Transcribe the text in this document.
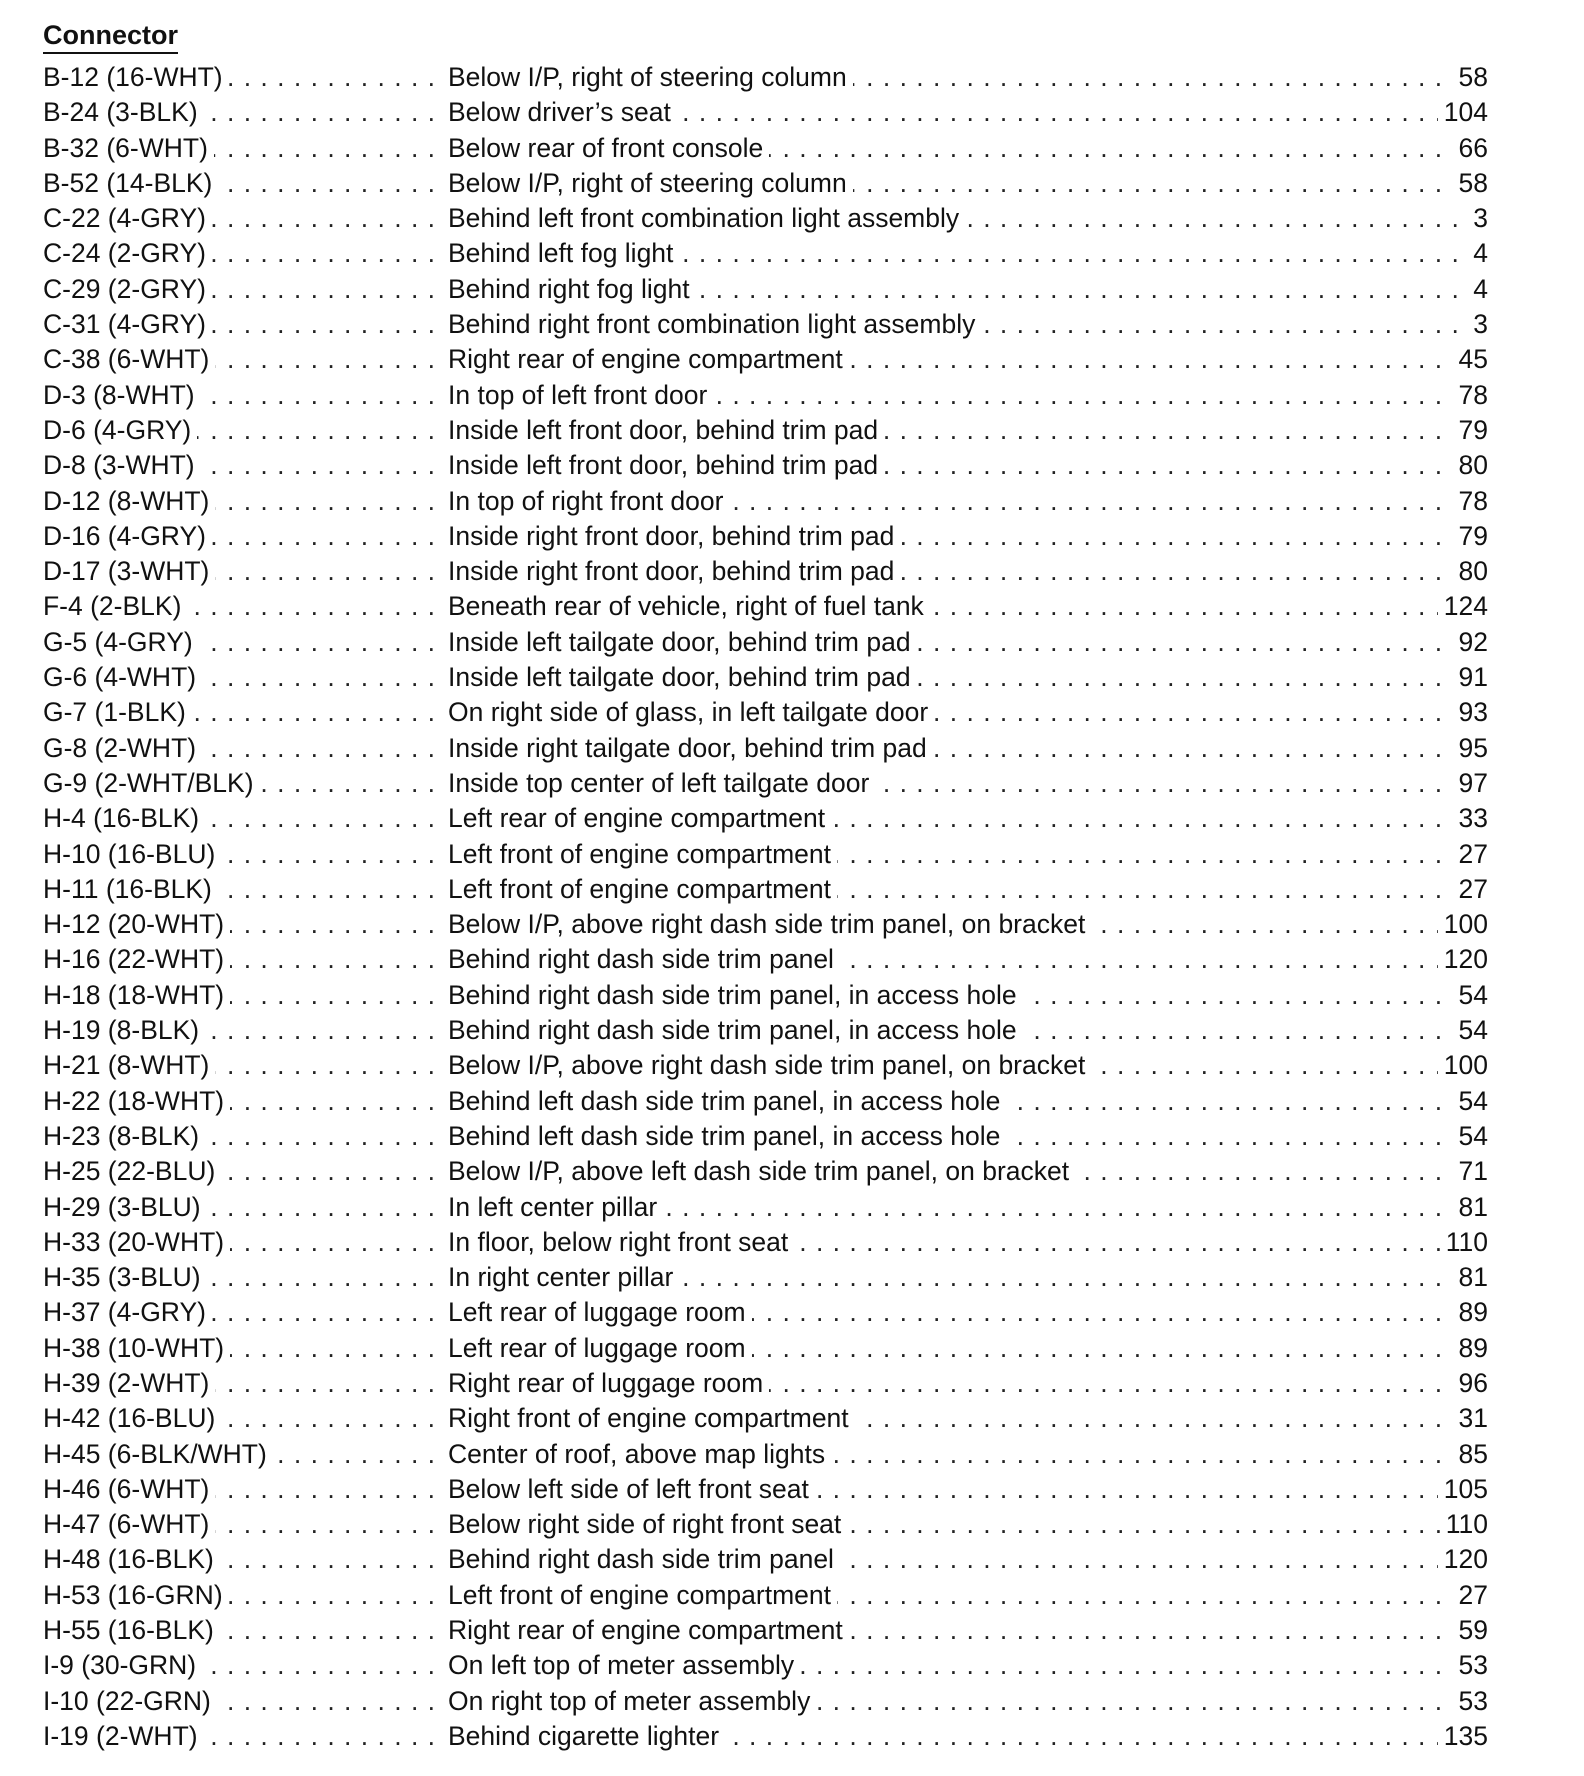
Connector
B-12 (16-WHT) . . .	Below I/P, right of steering column . . .	58
B-24 (3-BLK) . . .	Below driver’s seat . . .	104
B-32 (6-WHT) . . .	Below rear of front console . . .	66
B-52 (14-BLK) . . .	Below I/P, right of steering column . . .	58
C-22 (4-GRY) . . .	Behind left front combination light assembly . . .	3
C-24 (2-GRY) . . .	Behind left fog light . . .	4
C-29 (2-GRY) . . .	Behind right fog light . . .	4
C-31 (4-GRY) . . .	Behind right front combination light assembly . . .	3
C-38 (6-WHT) . . .	Right rear of engine compartment . . .	45
D-3 (8-WHT) . . .	In top of left front door . . .	78
D-6 (4-GRY) . . .	Inside left front door, behind trim pad . . .	79
D-8 (3-WHT) . . .	Inside left front door, behind trim pad . . .	80
D-12 (8-WHT) . . .	In top of right front door . . .	78
D-16 (4-GRY) . . .	Inside right front door, behind trim pad . . .	79
D-17 (3-WHT) . . .	Inside right front door, behind trim pad . . .	80
F-4 (2-BLK) . . .	Beneath rear of vehicle, right of fuel tank . . .	124
G-5 (4-GRY) . . .	Inside left tailgate door, behind trim pad . . .	92
G-6 (4-WHT) . . .	Inside left tailgate door, behind trim pad . . .	91
G-7 (1-BLK) . . .	On right side of glass, in left tailgate door . . .	93
G-8 (2-WHT) . . .	Inside right tailgate door, behind trim pad . . .	95
G-9 (2-WHT/BLK) . . .	Inside top center of left tailgate door . . .	97
H-4 (16-BLK) . . .	Left rear of engine compartment . . .	33
H-10 (16-BLU) . . .	Left front of engine compartment . . .	27
H-11 (16-BLK) . . .	Left front of engine compartment . . .	27
H-12 (20-WHT) . . .	Below I/P, above right dash side trim panel, on bracket . . .	100
H-16 (22-WHT) . . .	Behind right dash side trim panel . . .	120
H-18 (18-WHT) . . .	Behind right dash side trim panel, in access hole . . .	54
H-19 (8-BLK) . . .	Behind right dash side trim panel, in access hole . . .	54
H-21 (8-WHT) . . .	Below I/P, above right dash side trim panel, on bracket . . .	100
H-22 (18-WHT) . . .	Behind left dash side trim panel, in access hole . . .	54
H-23 (8-BLK) . . .	Behind left dash side trim panel, in access hole . . .	54
H-25 (22-BLU) . . .	Below I/P, above left dash side trim panel, on bracket . . .	71
H-29 (3-BLU) . . .	In left center pillar . . .	81
H-33 (20-WHT) . . .	In floor, below right front seat . . .	110
H-35 (3-BLU) . . .	In right center pillar . . .	81
H-37 (4-GRY) . . .	Left rear of luggage room . . .	89
H-38 (10-WHT) . . .	Left rear of luggage room . . .	89
H-39 (2-WHT) . . .	Right rear of luggage room . . .	96
H-42 (16-BLU) . . .	Right front of engine compartment . . .	31
H-45 (6-BLK/WHT) . . .	Center of roof, above map lights . . .	85
H-46 (6-WHT) . . .	Below left side of left front seat . . .	105
H-47 (6-WHT) . . .	Below right side of right front seat . . .	110
H-48 (16-BLK) . . .	Behind right dash side trim panel . . .	120
H-53 (16-GRN) . . .	Left front of engine compartment . . .	27
H-55 (16-BLK) . . .	Right rear of engine compartment . . .	59
I-9 (30-GRN) . . .	On left top of meter assembly . . .	53
I-10 (22-GRN) . . .	On right top of meter assembly . . .	53
I-19 (2-WHT) . . .	Behind cigarette lighter . . .	135
